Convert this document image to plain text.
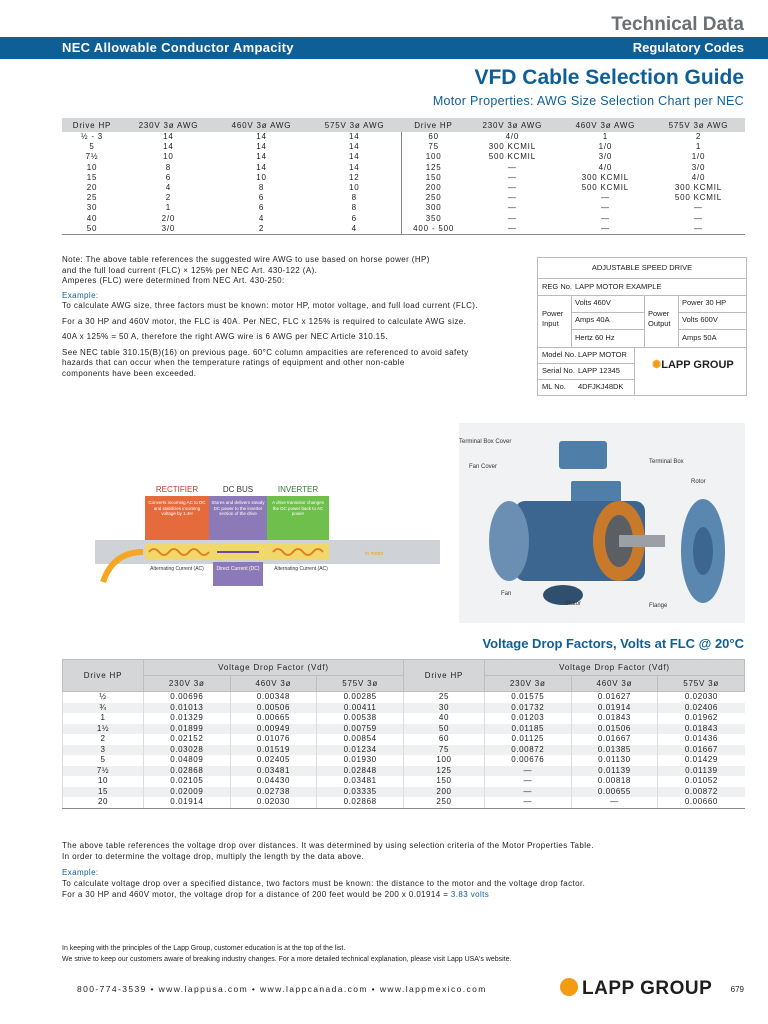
Technical Data
NEC Allowable Conductor Ampacity	Regulatory Codes
VFD Cable Selection Guide
Motor Properties: AWG Size Selection Chart per NEC
Drive HP	230V 3ø AWG	460V 3ø AWG	575V 3ø AWG	Drive HP	230V 3ø AWG	460V 3ø AWG	575V 3ø AWG
½ - 3	14	14	14	60	4/0	1	2
5	14	14	14	75	300 KCMIL	1/0	1
7½	10	14	14	100	500 KCMIL	3/0	1/0
10	8	14	14	125	—	4/0	3/0
15	6	10	12	150	—	300 KCMIL	4/0
20	4	8	10	200	—	500 KCMIL	300 KCMIL
25	2	6	8	250	—	—	500 KCMIL
30	1	6	8	300	—	—	—
40	2/0	4	6	350	—	—	—
50	3/0	2	4	400 - 500	—	—	—

Note: The above table references the suggested wire AWG to use based on horse power (HP)

and the full load current (FLC) × 125% per NEC Art. 430-122 (A).

Amperes (FLC) were determined from NEC Art. 430-250:

Example:

To calculate AWG size, three factors must be known: motor HP, motor voltage, and full load current (FLC).

For a 30 HP and 460V motor, the FLC is 40A. Per NEC, FLC x 125% is required to calculate AWG size.

40A x 125% = 50 A, therefore the right AWG wire is 6 AWG per NEC Article 310.15.

See NEC table 310.15(B)(16) on previous page. 60°C column ampacities are referenced to avoid safety

hazards that can occur when the temperature ratings of equipment and other non-cable

components have been exceeded.

ADJUSTABLE SPEED DRIVE
REG No. LAPP MOTOR EXAMPLE
Power Input
Volts 460V
Amps 40A
Hertz 60 Hz
Power Output
Power 30 HP
Volts 600V
Amps 50A
Model No. LAPP MOTOR
Serial No. LAPP 12345
ML No. 4DFJKJ48DK
✺LAPP GROUP
RECTIFIER	DC BUS	INVERTER
Converts incoming AC to DC and stabilizes incoming voltage by 1.4H
Stores and delivers steady DC power to the inverter section of the drive
A drive transistor changes the DC power back to AC power
Alternating Current (AC)	Direct Current (DC)	Alternating Current (AC)
to motor
Terminal Box Cover
Fan Cover
Terminal Box
Rotor
Fan
Stator	Flange
Voltage Drop Factors, Volts at FLC @ 20°C
Drive HP	Voltage Drop Factor (Vdf)			Drive HP	Voltage Drop Factor (Vdf)		
	230V 3ø	460V 3ø	575V 3ø		230V 3ø	460V 3ø	575V 3ø
½	0.00696	0.00348	0.00285	25	0.01575	0.01627	0.02030
¾	0.01013	0.00506	0.00411	30	0.01732	0.01914	0.02406
1	0.01329	0.00665	0.00538	40	0.01203	0.01843	0.01962
1½	0.01899	0.00949	0.00759	50	0.01185	0.01506	0.01843
2	0.02152	0.01076	0.00854	60	0.01125	0.01667	0.01436
3	0.03028	0.01519	0.01234	75	0.00872	0.01385	0.01667
5	0.04809	0.02405	0.01930	100	0.00676	0.01130	0.01429
7½	0.02868	0.03481	0.02848	125	—	0.01139	0.01139
10	0.02105	0.04430	0.03481	150	—	0.00818	0.01052
15	0.02009	0.02738	0.03335	200	—	0.00655	0.00872
20	0.01914	0.02030	0.02868	250	—	—	0.00660

The above table references the voltage drop over distances. It was determined by using selection criteria of the Motor Properties Table.

In order to determine the voltage drop, multiply the length by the data above.

Example:

To calculate voltage drop over a specified distance, two factors must be known: the distance to the motor and the voltage drop factor.

For a 30 HP and 460V motor, the voltage drop for a distance of 200 feet would be 200 x 0.01914 = 3.83 volts

In keeping with the principles of the Lapp Group, customer education is at the top of the list.

We strive to keep our customers aware of breaking industry changes. For a more detailed technical explanation, please visit Lapp USA's website.

800-774-3539 • www.lappusa.com • www.lappcanada.com • www.lappmexico.com	LAPP GROUP 679
